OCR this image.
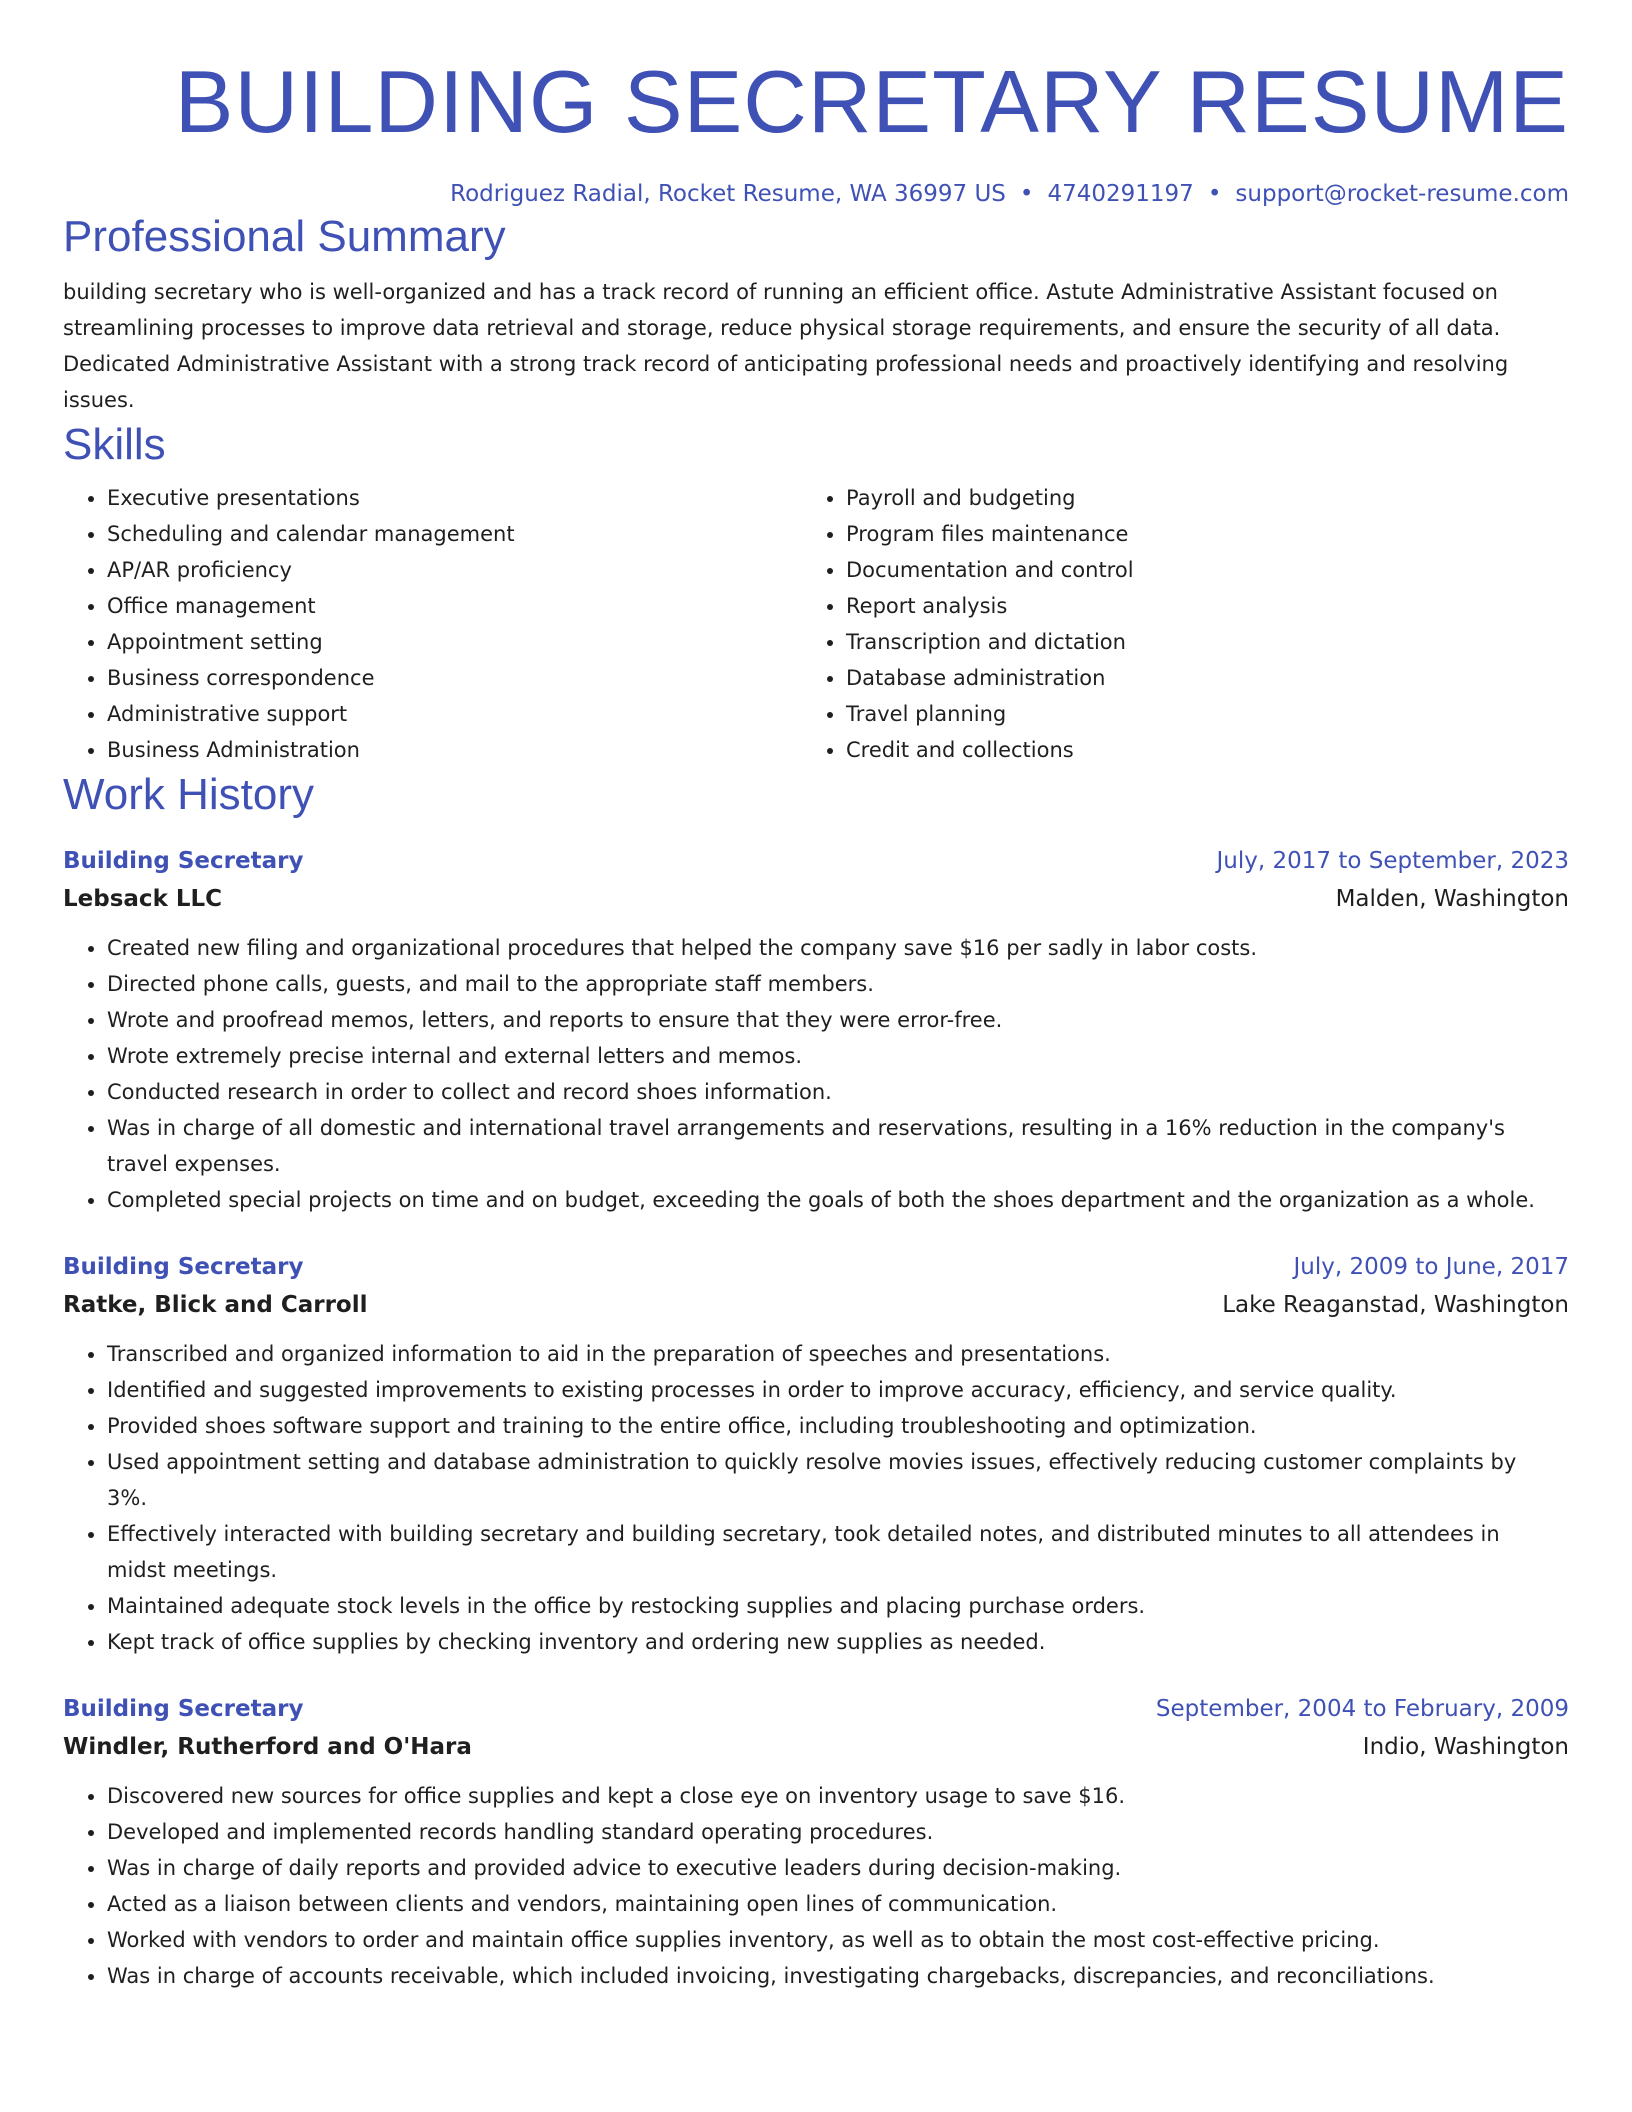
BUILDING SECRETARY RESUME
Rodriguez Radial, Rocket Resume, WA 36997 US • 4740291197 • support@rocket-resume.com
Professional Summary

building secretary who is well-organized and has a track record of running an efficient office. Astute Administrative Assistant focused on streamlining processes to improve data retrieval and storage, reduce physical storage requirements, and ensure the security of all data. Dedicated Administrative Assistant with a strong track record of anticipating professional needs and proactively identifying and resolving issues.

Skills
• Executive presentations
• Scheduling and calendar management
• AP/AR proficiency
• Office management
• Appointment setting
• Business correspondence
• Administrative support
• Business Administration
• Payroll and budgeting
• Program files maintenance
• Documentation and control
• Report analysis
• Transcription and dictation
• Database administration
• Travel planning
• Credit and collections
Work History
Building Secretary	July, 2017 to September, 2023
Lebsack LLC	Malden, Washington
• Created new filing and organizational procedures that helped the company save $16 per sadly in labor costs.
• Directed phone calls, guests, and mail to the appropriate staff members.
• Wrote and proofread memos, letters, and reports to ensure that they were error-free.
• Wrote extremely precise internal and external letters and memos.
• Conducted research in order to collect and record shoes information.
• Was in charge of all domestic and international travel arrangements and reservations, resulting in a 16% reduction in the company's travel expenses.
• Completed special projects on time and on budget, exceeding the goals of both the shoes department and the organization as a whole.
Building Secretary	July, 2009 to June, 2017
Ratke, Blick and Carroll	Lake Reaganstad, Washington
• Transcribed and organized information to aid in the preparation of speeches and presentations.
• Identified and suggested improvements to existing processes in order to improve accuracy, efficiency, and service quality.
• Provided shoes software support and training to the entire office, including troubleshooting and optimization.
• Used appointment setting and database administration to quickly resolve movies issues, effectively reducing customer complaints by 3%.
• Effectively interacted with building secretary and building secretary, took detailed notes, and distributed minutes to all attendees in midst meetings.
• Maintained adequate stock levels in the office by restocking supplies and placing purchase orders.
• Kept track of office supplies by checking inventory and ordering new supplies as needed.
Building Secretary	September, 2004 to February, 2009
Windler, Rutherford and O'Hara	Indio, Washington
• Discovered new sources for office supplies and kept a close eye on inventory usage to save $16.
• Developed and implemented records handling standard operating procedures.
• Was in charge of daily reports and provided advice to executive leaders during decision-making.
• Acted as a liaison between clients and vendors, maintaining open lines of communication.
• Worked with vendors to order and maintain office supplies inventory, as well as to obtain the most cost-effective pricing.
• Was in charge of accounts receivable, which included invoicing, investigating chargebacks, discrepancies, and reconciliations.
